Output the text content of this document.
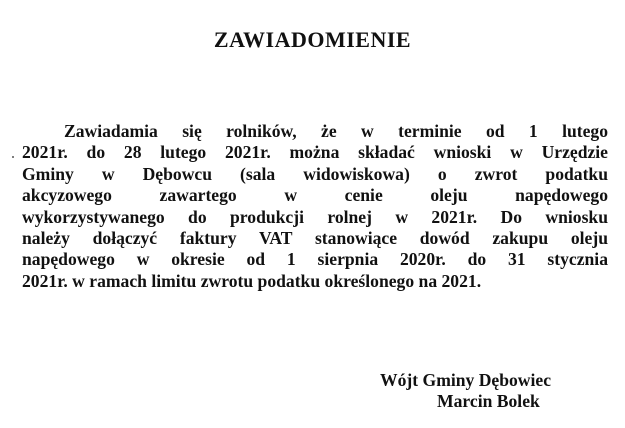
ZAWIADOMIENIE
Zawiadamia się rolników, że w terminie od 1 lutego
2021r. do 28 lutego 2021r. można składać wnioski w Urzędzie
Gminy w Dębowcu (sala widowiskowa) o zwrot podatku
akcyzowego zawartego w cenie oleju napędowego
wykorzystywanego do produkcji rolnej w 2021r. Do wniosku
należy dołączyć faktury VAT stanowiące dowód zakupu oleju
napędowego w okresie od 1 sierpnia 2020r. do 31 stycznia
2021r. w ramach limitu zwrotu podatku określonego na 2021.
Wójt Gminy Dębowiec
Marcin Bolek
